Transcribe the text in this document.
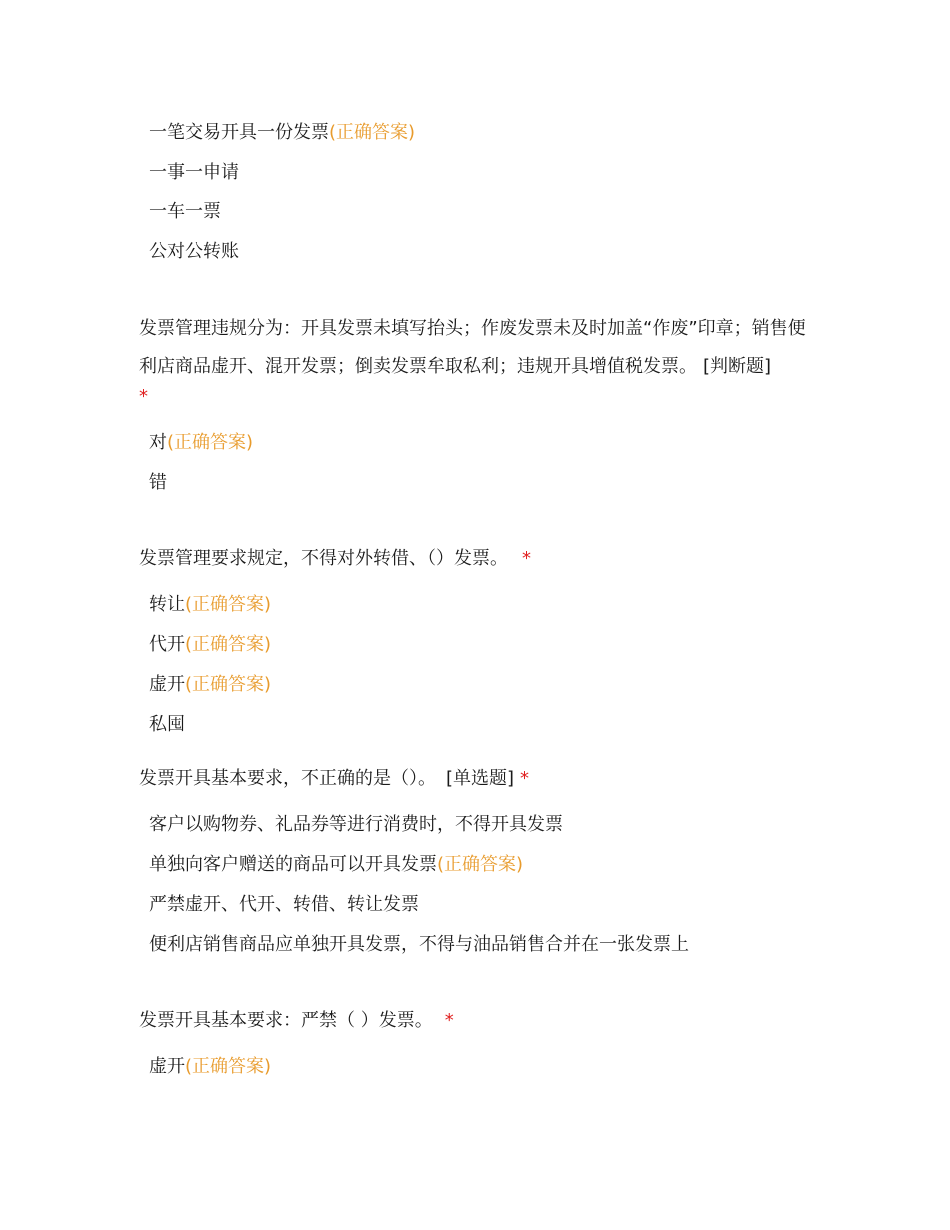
一笔交易开具一份发票(正确答案)
一事一申请
一车一票
公对公转账
发票管理违规分为：开具发票未填写抬头；作废发票未及时加盖“作废”印章；销售便利店商品虚开、混开发票；倒卖发票牟取私利；违规开具增值税发票。 [判断题]
*
对(正确答案)
错
发票管理要求规定，不得对外转借、（）发票。 *
转让(正确答案)
代开(正确答案)
虚开(正确答案)
私囤
发票开具基本要求，不正确的是（）。 [单选题] *
客户以购物券、礼品券等进行消费时，不得开具发票
单独向客户赠送的商品可以开具发票(正确答案)
严禁虚开、代开、转借、转让发票
便利店销售商品应单独开具发票，不得与油品销售合并在一张发票上
发票开具基本要求：严禁（ ）发票。 *
虚开(正确答案)
